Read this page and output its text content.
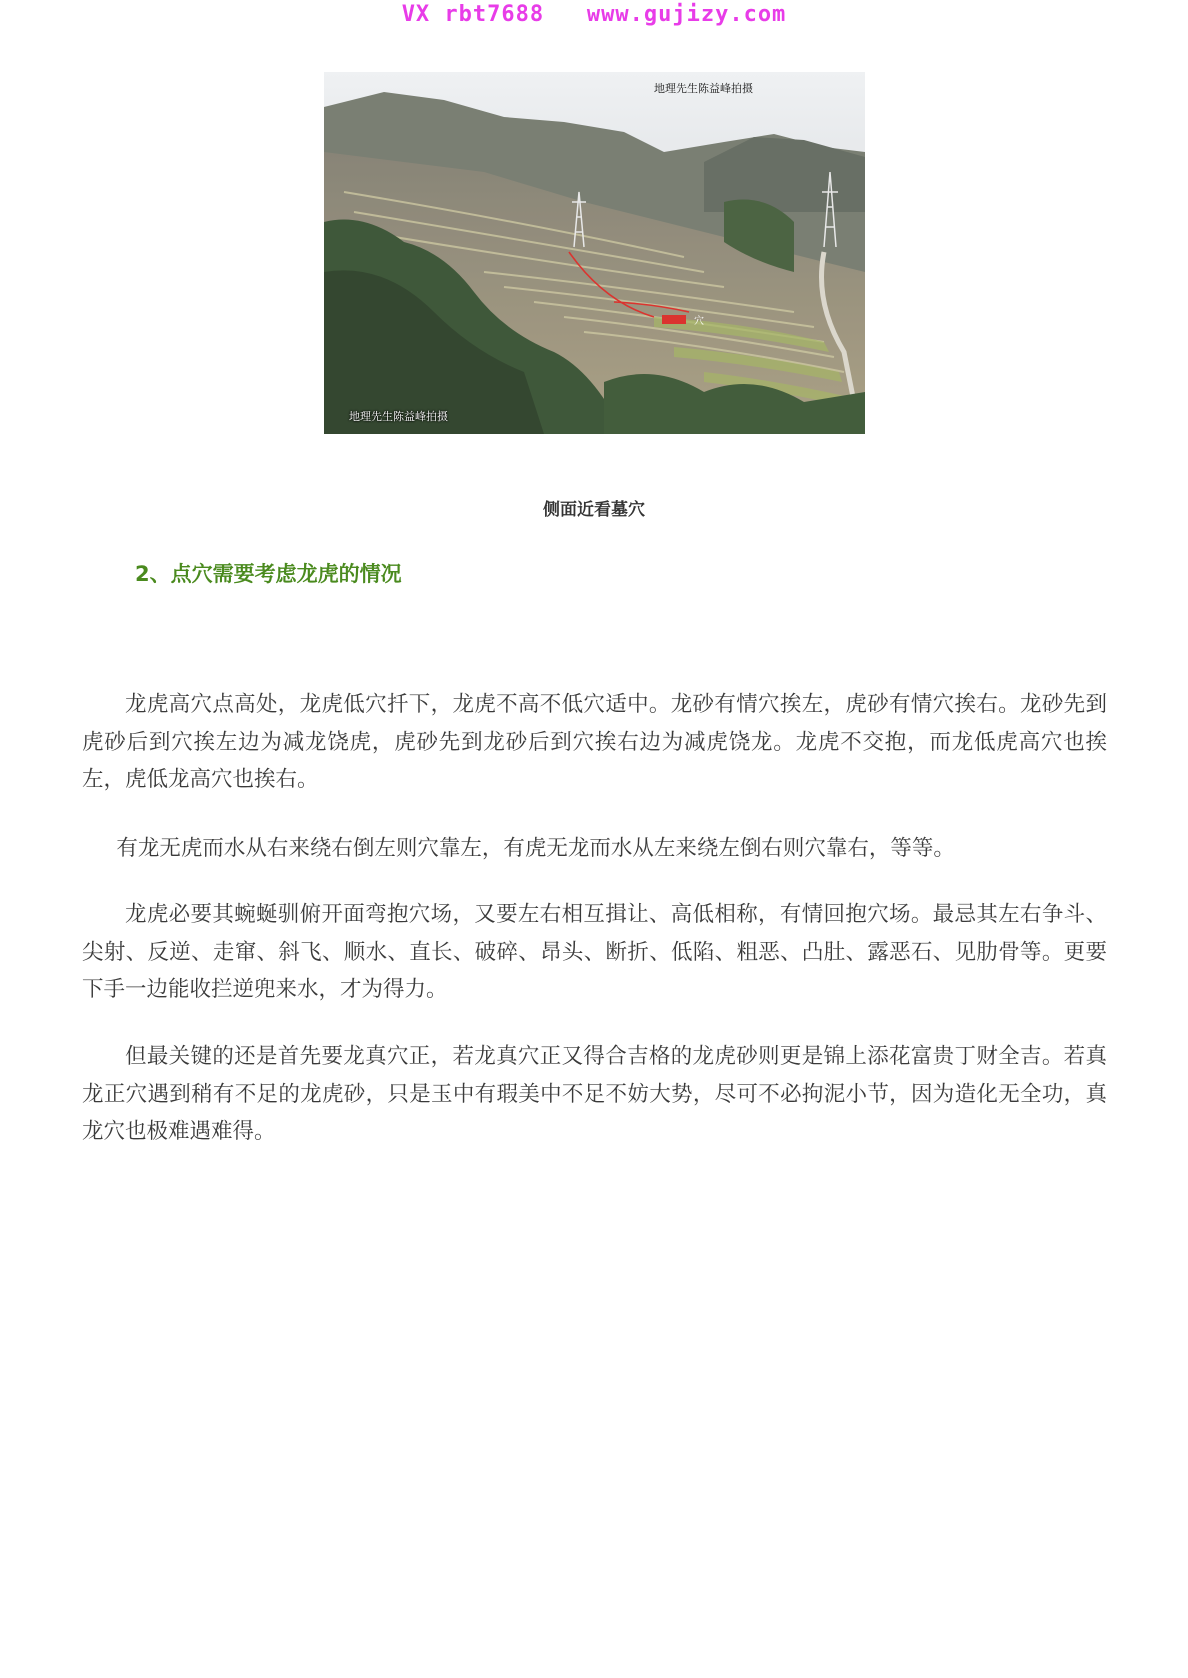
VX rbt7688   www.gujizy.com
穴
地理先生陈益峰拍摄
地理先生陈益峰拍摄
侧面近看墓穴
2、点穴需要考虑龙虎的情况

龙虎高穴点高处，龙虎低穴扦下，龙虎不高不低穴适中。龙砂有情穴挨左，虎砂有情穴挨右。龙砂先到虎砂后到穴挨左边为减龙饶虎，虎砂先到龙砂后到穴挨右边为减虎饶龙。龙虎不交抱，而龙低虎高穴也挨左，虎低龙高穴也挨右。

有龙无虎而水从右来绕右倒左则穴靠左，有虎无龙而水从左来绕左倒右则穴靠右，等等。

龙虎必要其蜿蜒驯俯开面弯抱穴场，又要左右相互揖让、高低相称，有情回抱穴场。最忌其左右争斗、尖射、反逆、走窜、斜飞、顺水、直长、破碎、昂头、断折、低陷、粗恶、凸肚、露恶石、见肋骨等。更要下手一边能收拦逆兜来水，才为得力。

但最关键的还是首先要龙真穴正，若龙真穴正又得合吉格的龙虎砂则更是锦上添花富贵丁财全吉。若真龙正穴遇到稍有不足的龙虎砂，只是玉中有瑕美中不足不妨大势，尽可不必拘泥小节，因为造化无全功，真龙穴也极难遇难得。
